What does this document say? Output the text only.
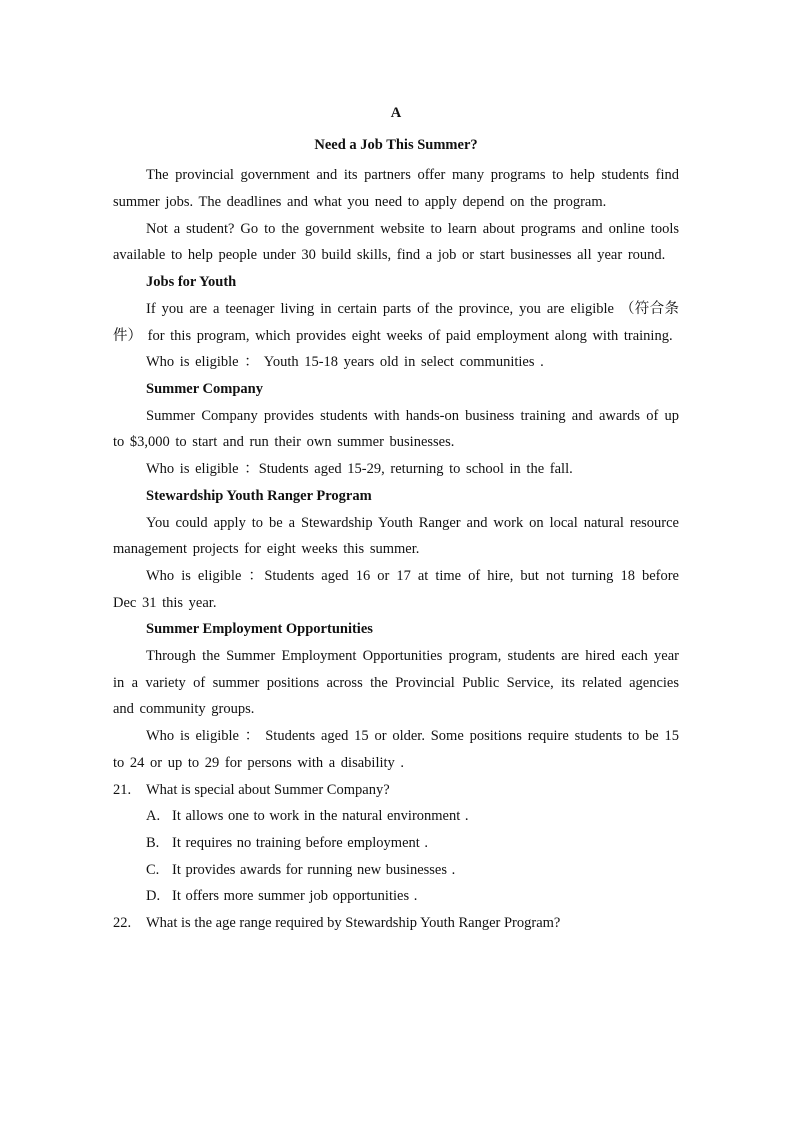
A

Need a Job This Summer?

The provincial government and its partners offer many programs to help students find summer jobs. The deadlines and what you need to apply depend on the program.

Not a student? Go to the government website to learn about programs and online tools available to help people under 30 build skills, find a job or start businesses all year round.

Jobs for Youth

If you are a teenager living in certain parts of the province, you are eligible （符合条件） for this program, which provides eight weeks of paid employment along with training.

Who is eligible ： Youth 15-18 years old in select communities .

Summer Company

Summer Company provides students with hands-on business training and awards of up to $3,000 to start and run their own summer businesses.

Who is eligible ：Students aged 15-29, returning to school in the fall.

Stewardship Youth Ranger Program

You could apply to be a Stewardship Youth Ranger and work on local natural resource management projects for eight weeks this summer.

Who is eligible ：Students aged 16 or 17 at time of hire, but not turning 18 before Dec 31 this year.

Summer Employment Opportunities

Through the Summer Employment Opportunities program, students are hired each year in a variety of summer positions across the Provincial Public Service, its related agencies and community groups.

Who is eligible ： Students aged 15 or older. Some positions require students to be 15 to 24 or up to 29 for persons with a disability .

21. What is special about Summer Company?
A. It allows one to work in the natural environment .
B. It requires no training before employment .
C. It provides awards for running new businesses .
D. It offers more summer job opportunities .
22. What is the age range required by Stewardship Youth Ranger Program?
